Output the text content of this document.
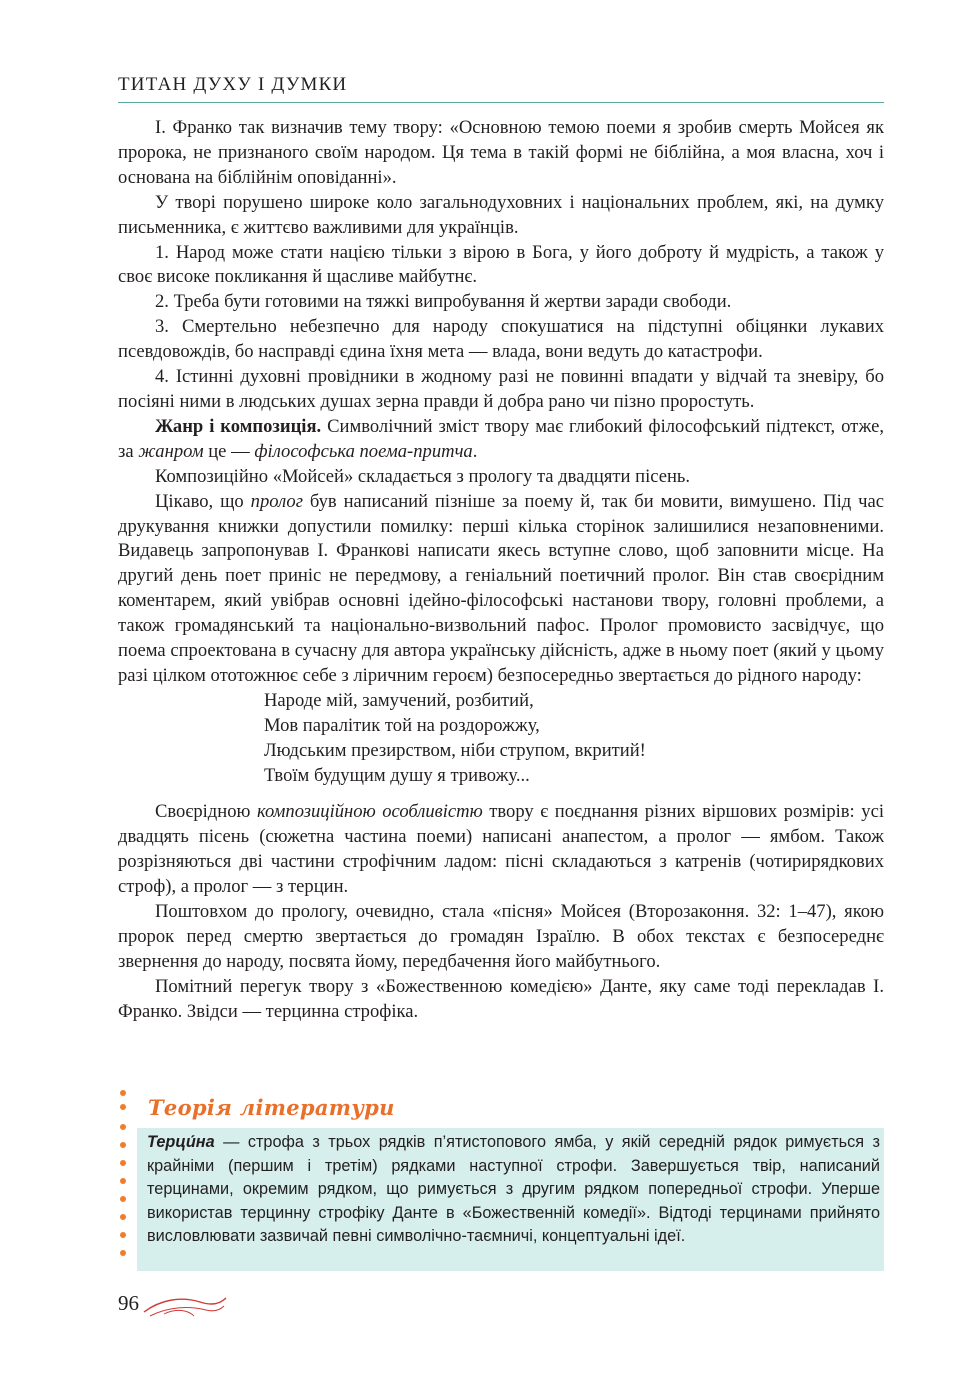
ТИТАН ДУХУ І ДУМКИ

І. Франко так визначив тему твору: «Основною темою поеми я зробив смерть Мойсея як пророка, не признаного своїм народом. Ця тема в такій формі не біблійна, а моя власна, хоч і основана на біблійнім оповіданні».

У творі порушено широке коло загальнодуховних і національних проблем, які, на думку письменника, є життєво важливими для українців.

1. Народ може стати нацією тільки з вірою в Бога, у його доброту й мудрість, а також у своє високе покликання й щасливе майбутнє.

2. Треба бути готовими на тяжкі випробування й жертви заради свободи.

3. Смертельно небезпечно для народу спокушатися на підступні обіцянки лукавих псевдовождів, бо насправді єдина їхня мета — влада, вони ведуть до катастрофи.

4. Істинні духовні провідники в жодному разі не повинні впадати у відчай та зневіру, бо посіяні ними в людських душах зерна правди й добра рано чи пізно проростуть.

Жанр і композиція. Символічний зміст твору має глибокий філософський підтекст, отже, за жанром це — філософська поема-притча.

Композиційно «Мойсей» складається з прологу та двадцяти пісень.

Цікаво, що пролог був написаний пізніше за поему й, так би мовити, вимушено. Під час друкування книжки допустили помилку: перші кілька сторінок залишилися незаповненими. Видавець запропонував І. Франкові написати якесь вступне слово, щоб заповнити місце. На другий день поет приніс не передмову, а геніальний поетичний пролог. Він став своєрідним коментарем, який увібрав основні ідейно-філософські настанови твору, головні проблеми, а також громадянський та національно-визвольний пафос. Пролог промовисто засвідчує, що поема спроектована в сучасну для автора українську дійсність, адже в ньому поет (який у цьому разі цілком ототожнює себе з ліричним героєм) безпосередньо звертається до рідного народу:

Народе мій, замучений, розбитий,
Мов паралітик той на роздорожжу,
Людським презирством, ніби струпом, вкритий!
Твоїм будущим душу я тривожу...

Своєрідною композиційною особливістю твору є поєднання різних віршових розмірів: усі двадцять пісень (сюжетна частина поеми) написані анапестом, а пролог — ямбом. Також розрізняються дві частини строфічним ладом: пісні складаються з катренів (чотирирядкових строф), а пролог — з терцин.

Поштовхом до прологу, очевидно, стала «пісня» Мойсея (Второзаконня. 32: 1–47), якою пророк перед смертю звертається до громадян Ізраїлю. В обох текстах є безпосереднє звернення до народу, посвята йому, передбачення його майбутнього.

Помітний перегук твору з «Божественною комедією» Данте, яку саме тоді перекладав І. Франко. Звідси — терцинна строфіка.

Теорія літератури
Терци́на — строфа з трьох рядків п’ятистопового ямба, у якій середній рядок римується з крайніми (першим і третім) рядками наступної строфи. Завершується твір, написаний терцинами, окремим рядком, що римується з другим рядком попередньої строфи. Уперше використав терцинну строфіку Данте в «Божественній комедії». Відтоді терцинами прийнято висловлювати зазвичай певні символічно-таємничі, концептуальні ідеї.
96
